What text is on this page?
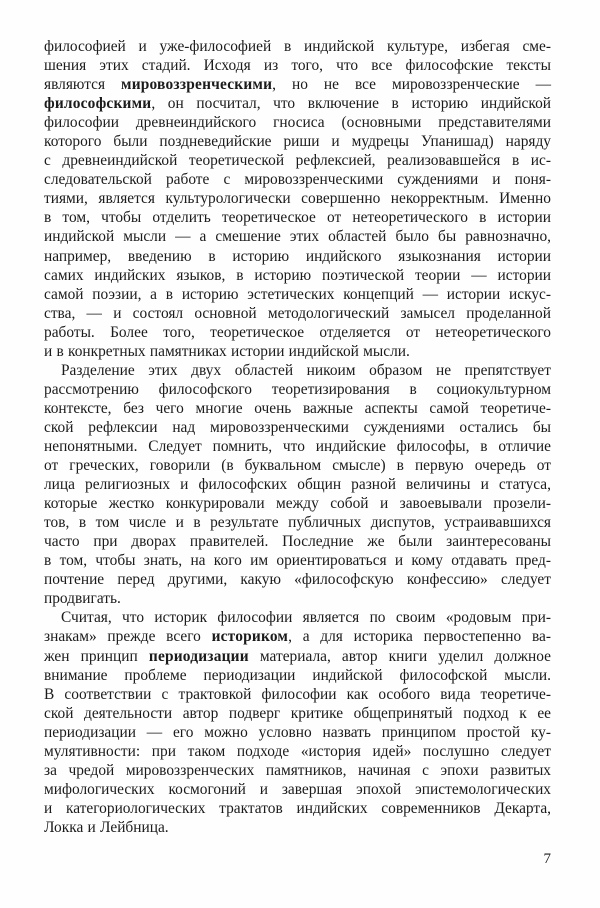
философией и уже-философией в индийской культуре, избегая сме-
шения этих стадий. Исходя из того, что все философские тексты
являются мировоззренческими, но не все мировоззренческие —
философскими, он посчитал, что включение в историю индийской
философии древнеиндийского гносиса (основными представителями
которого были поздневедийские риши и мудрецы Упанишад) наряду
с древнеиндийской теоретической рефлексией, реализовавшейся в ис-
следовательской работе с мировоззренческими суждениями и поня-
тиями, является культурологически совершенно некорректным. Именно
в том, чтобы отделить теоретическое от нетеоретического в истории
индийской мысли — а смешение этих областей было бы равнозначно,
например, введению в историю индийского языкознания истории
самих индийских языков, в историю поэтической теории — истории
самой поэзии, а в историю эстетических концепций — истории искус-
ства, — и состоял основной методологический замысел проделанной
работы. Более того, теоретическое отделяется от нетеоретического
и в конкретных памятниках истории индийской мысли.
Разделение этих двух областей никоим образом не препятствует
рассмотрению философского теоретизирования в социокультурном
контексте, без чего многие очень важные аспекты самой теоретиче-
ской рефлексии над мировоззренческими суждениями остались бы
непонятными. Следует помнить, что индийские философы, в отличие
от греческих, говорили (в буквальном смысле) в первую очередь от
лица религиозных и философских общин разной величины и статуса,
которые жестко конкурировали между собой и завоевывали прозели-
тов, в том числе и в результате публичных диспутов, устраивавшихся
часто при дворах правителей. Последние же были заинтересованы
в том, чтобы знать, на кого им ориентироваться и кому отдавать пред-
почтение перед другими, какую «философскую конфессию» следует
продвигать.
Считая, что историк философии является по своим «родовым при-
знакам» прежде всего историком, а для историка первостепенно ва-
жен принцип периодизации материала, автор книги уделил должное
внимание проблеме периодизации индийской философской мысли.
В соответствии с трактовкой философии как особого вида теоретиче-
ской деятельности автор подверг критике общепринятый подход к ее
периодизации — его можно условно назвать принципом простой ку-
мулятивности: при таком подходе «история идей» послушно следует
за чредой мировоззренческих памятников, начиная с эпохи развитых
мифологических космогоний и завершая эпохой эпистемологических
и категориологических трактатов индийских современников Декарта,
Локка и Лейбница.
7
